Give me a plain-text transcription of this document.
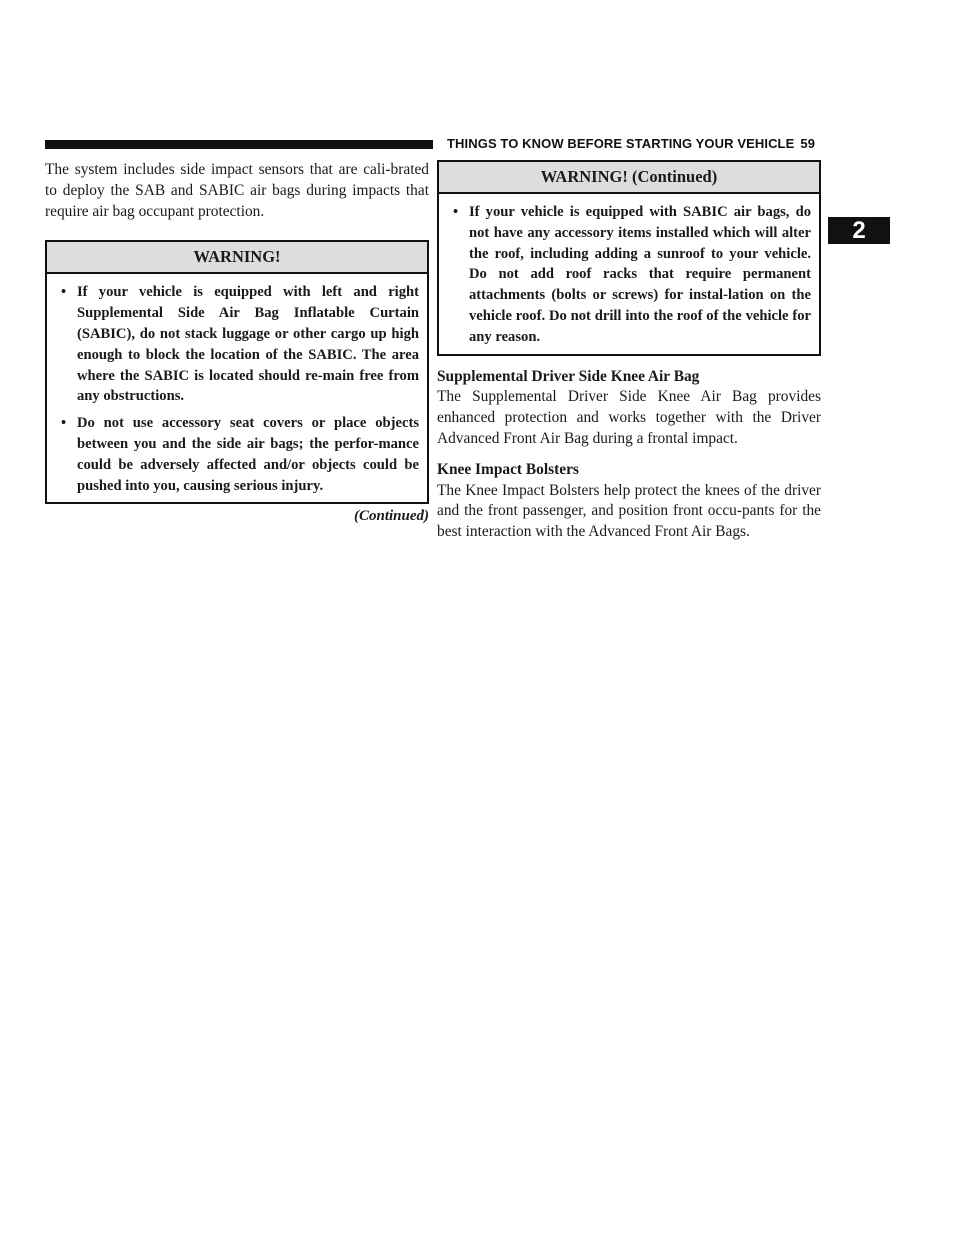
THINGS TO KNOW BEFORE STARTING YOUR VEHICLE 59
2

The system includes side impact sensors that are cali-brated to deploy the SAB and SABIC air bags during impacts that require air bag occupant protection.

WARNING!
• If your vehicle is equipped with left and right Supplemental Side Air Bag Inflatable Curtain (SABIC), do not stack luggage or other cargo up high enough to block the location of the SABIC. The area where the SABIC is located should re-main free from any obstructions.
• Do not use accessory seat covers or place objects between you and the side air bags; the perfor-mance could be adversely affected and/or objects could be pushed into you, causing serious injury.
(Continued)
WARNING! (Continued)
• If your vehicle is equipped with SABIC air bags, do not have any accessory items installed which will alter the roof, including adding a sunroof to your vehicle. Do not add roof racks that require permanent attachments (bolts or screws) for instal-lation on the vehicle roof. Do not drill into the roof of the vehicle for any reason.
Supplemental Driver Side Knee Air Bag

The Supplemental Driver Side Knee Air Bag provides enhanced protection and works together with the Driver Advanced Front Air Bag during a frontal impact.

Knee Impact Bolsters

The Knee Impact Bolsters help protect the knees of the driver and the front passenger, and position front occu-pants for the best interaction with the Advanced Front Air Bags.
